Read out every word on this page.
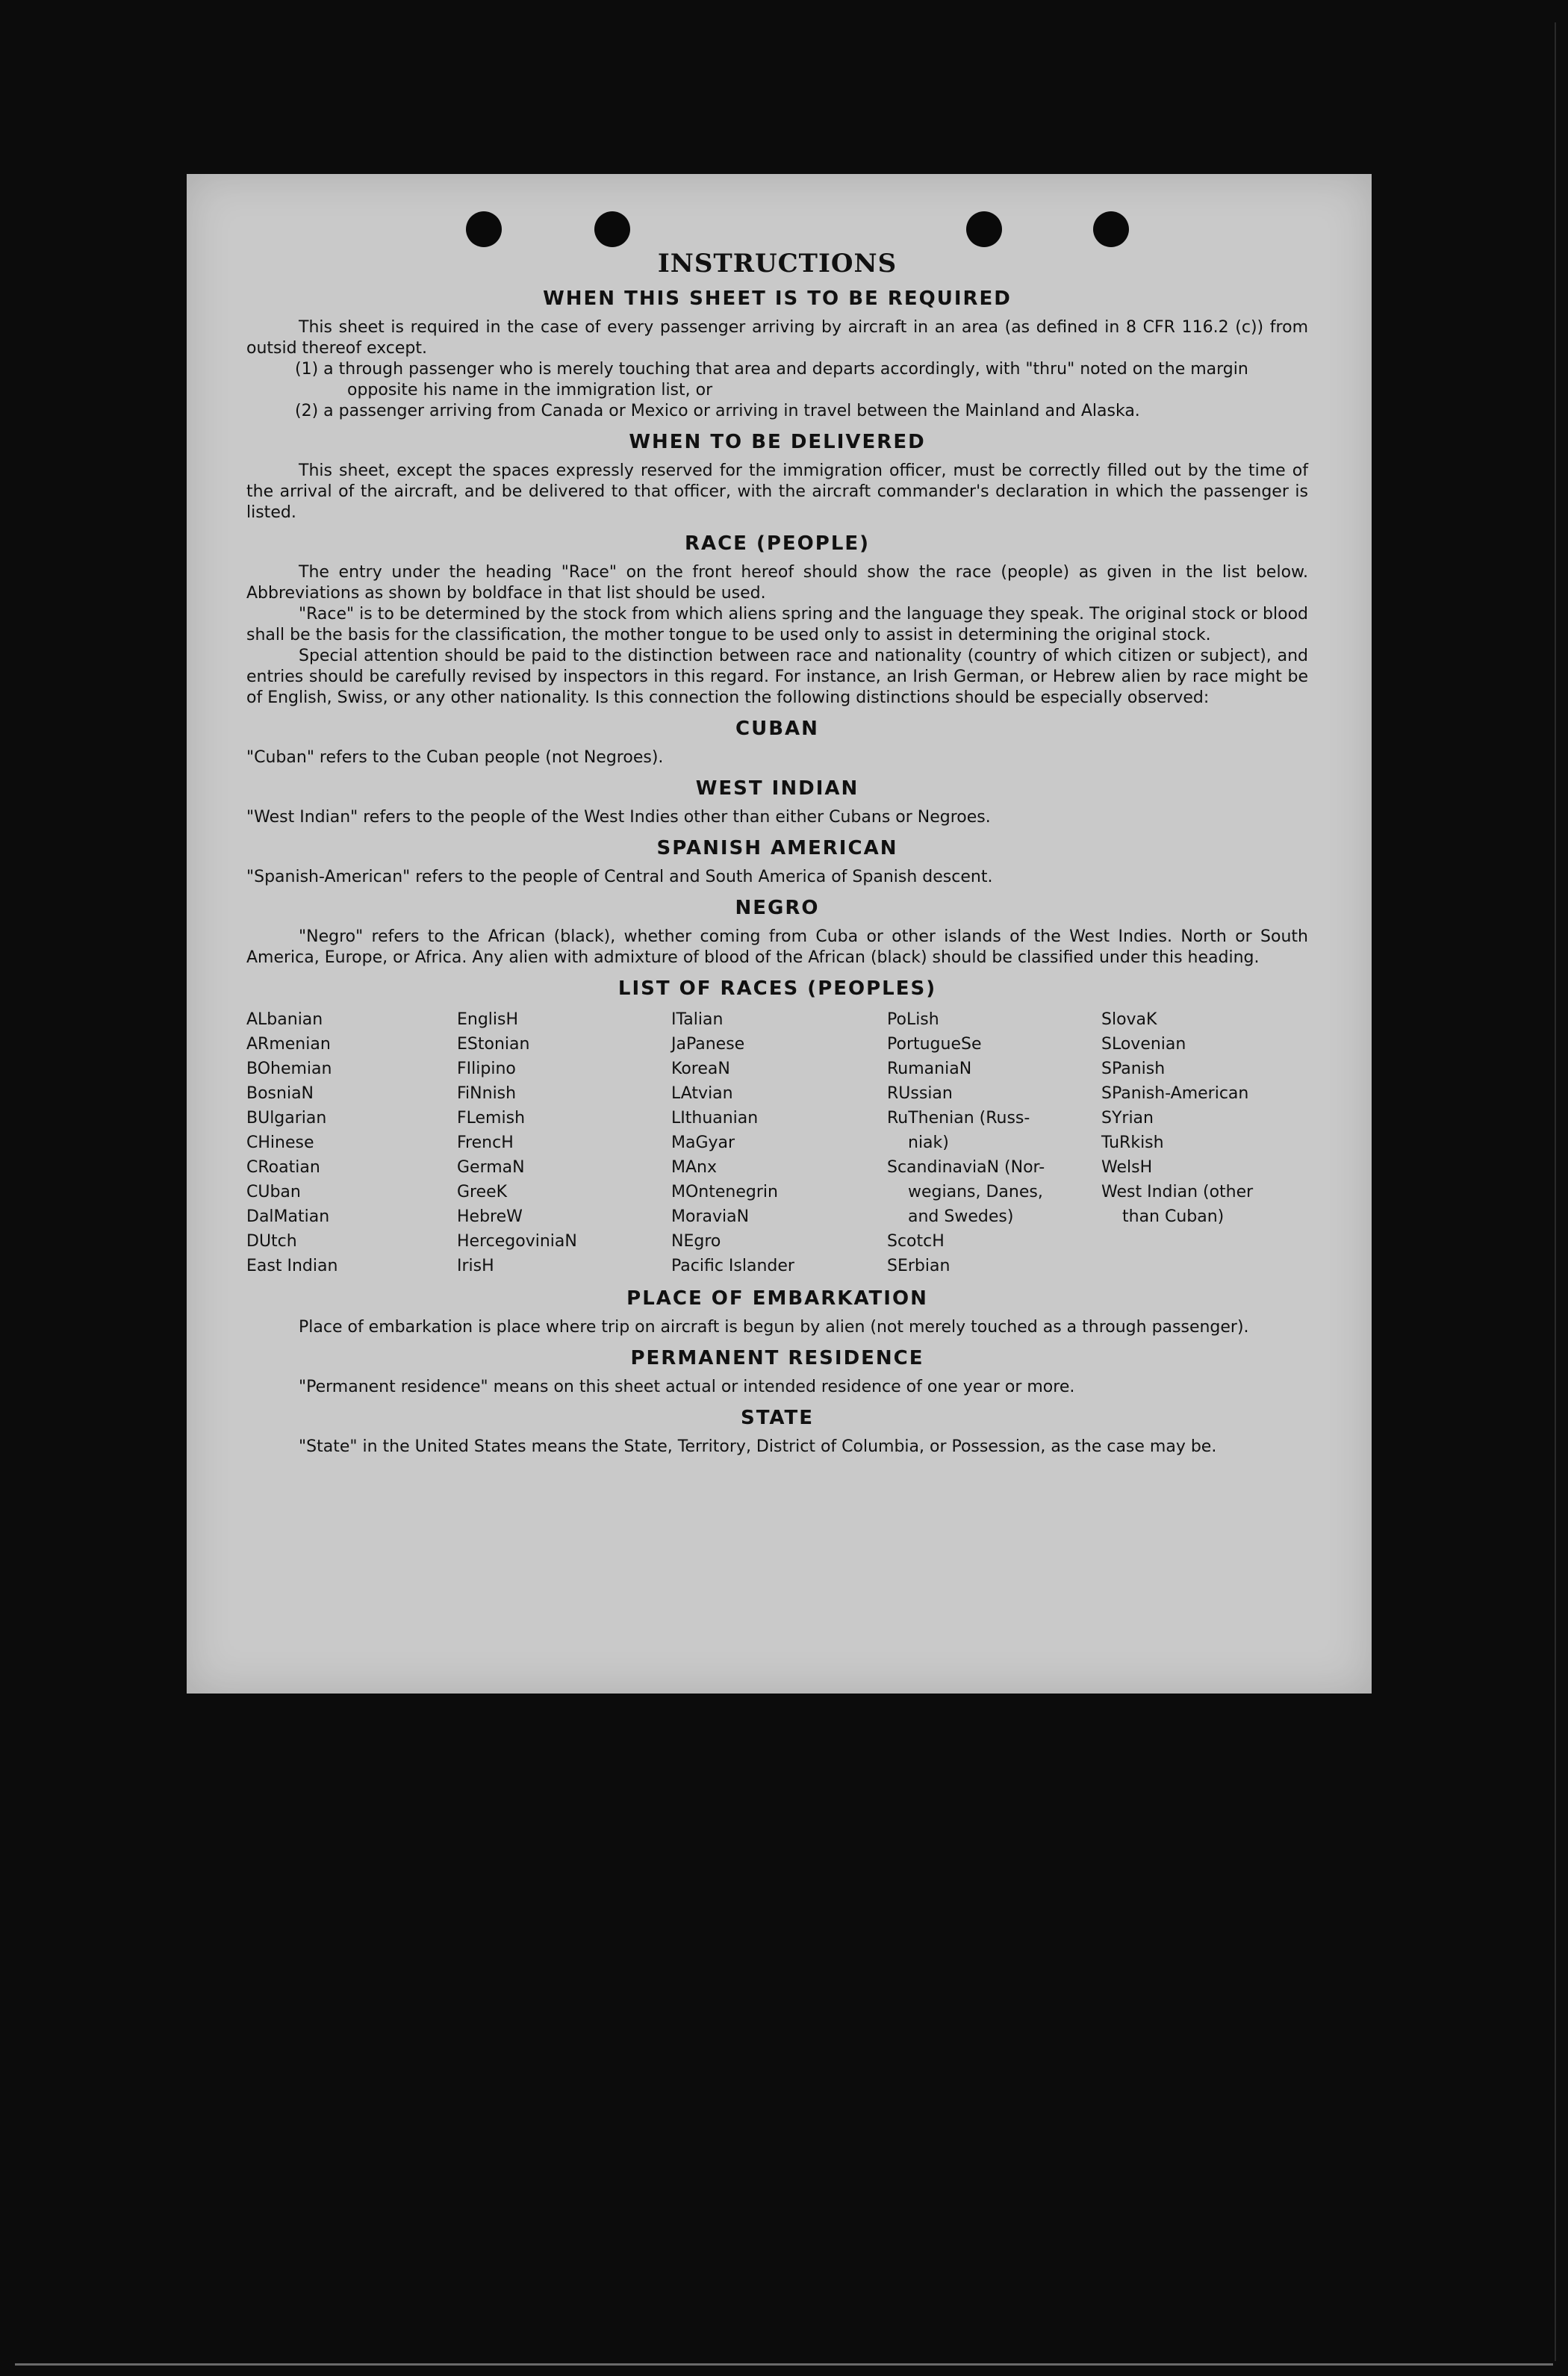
INSTRUCTIONS
WHEN THIS SHEET IS TO BE REQUIRED

This sheet is required in the case of every passenger arriving by aircraft in an area (as defined in 8 CFR 116.2 (c)) from outsid thereof except.

(1) a through passenger who is merely touching that area and departs accordingly, with "thru" noted on the margin opposite his name in the immigration list, or
(2) a passenger arriving from Canada or Mexico or arriving in travel between the Mainland and Alaska.
WHEN TO BE DELIVERED

This sheet, except the spaces expressly reserved for the immigration officer, must be correctly filled out by the time of the arrival of the aircraft, and be delivered to that officer, with the aircraft commander's declaration in which the passenger is listed.

RACE (PEOPLE)

The entry under the heading "Race" on the front hereof should show the race (people) as given in the list below. Abbreviations as shown by boldface in that list should be used.

"Race" is to be determined by the stock from which aliens spring and the language they speak. The original stock or blood shall be the basis for the classification, the mother tongue to be used only to assist in determining the original stock.

Special attention should be paid to the distinction between race and nationality (country of which citizen or subject), and entries should be carefully revised by inspectors in this regard. For instance, an Irish German, or Hebrew alien by race might be of English, Swiss, or any other nationality. Is this connection the following distinctions should be especially observed:

CUBAN

"Cuban" refers to the Cuban people (not Negroes).

WEST INDIAN

"West Indian" refers to the people of the West Indies other than either Cubans or Negroes.

SPANISH AMERICAN

"Spanish-American" refers to the people of Central and South America of Spanish descent.

NEGRO

"Negro" refers to the African (black), whether coming from Cuba or other islands of the West Indies. North or South America, Europe, or Africa. Any alien with admixture of blood of the African (black) should be classified under this heading.

LIST OF RACES (PEOPLES)
ALbanian
ARmenian
BOhemian
BosniaN
BUlgarian
CHinese
CRoatian
CUban
DalMatian
DUtch
East Indian
EnglisH
EStonian
FIlipino
FiNnish
FLemish
FrencH
GermaN
GreeK
HebreW
HercegoviniaN
IrisH
ITalian
JaPanese
KoreaN
LAtvian
LIthuanian
MaGyar
MAnx
MOntenegrin
MoraviaN
NEgro
Pacific Islander
PoLish
PortugueSe
RumaniaN
RUssian
RuThenian (Russ-
niak)
ScandinaviaN (Nor-
wegians, Danes,
and Swedes)
ScotcH
SErbian
SlovaK
SLovenian
SPanish
SPanish-American
SYrian
TuRkish
WelsH
West Indian (other
than Cuban)
PLACE OF EMBARKATION

Place of embarkation is place where trip on aircraft is begun by alien (not merely touched as a through passenger).

PERMANENT RESIDENCE

"Permanent residence" means on this sheet actual or intended residence of one year or more.

STATE

"State" in the United States means the State, Territory, District of Columbia, or Possession, as the case may be.
